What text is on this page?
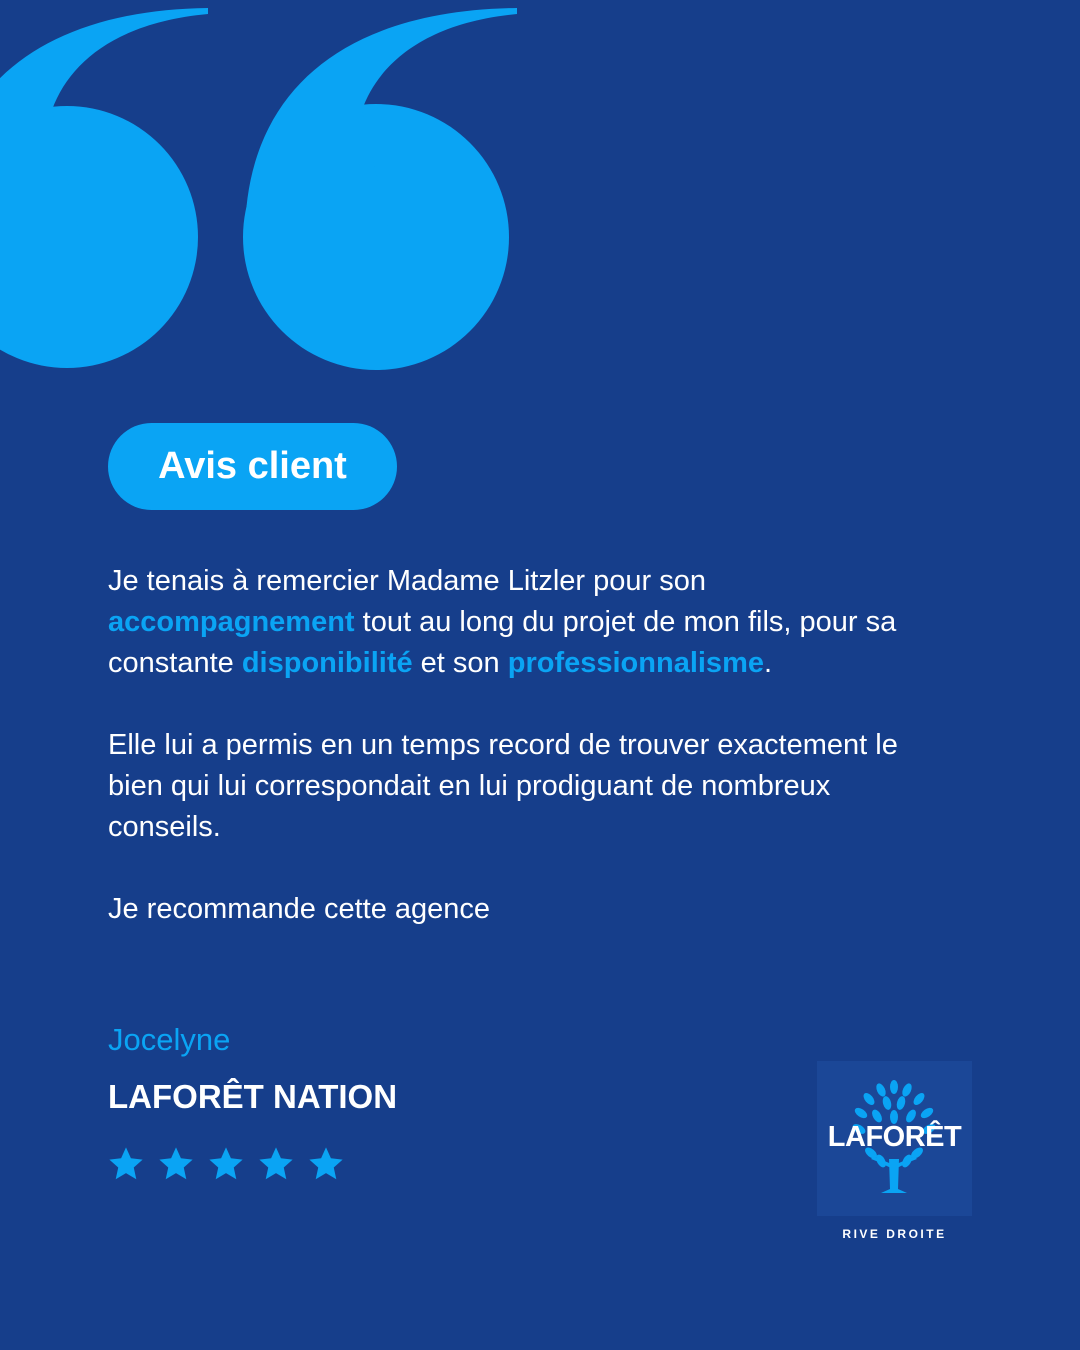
Avis client

Je tenais à remercier Madame Litzler pour son accompagnement tout au long du projet de mon fils, pour sa constante disponibilité et son professionnalisme.

Elle lui a permis en un temps record de trouver exactement le bien qui lui correspondait en lui prodiguant de nombreux conseils.

Je recommande cette agence

Jocelyne
LAFORÊT NATION
LAFORÊT
RIVE DROITE
